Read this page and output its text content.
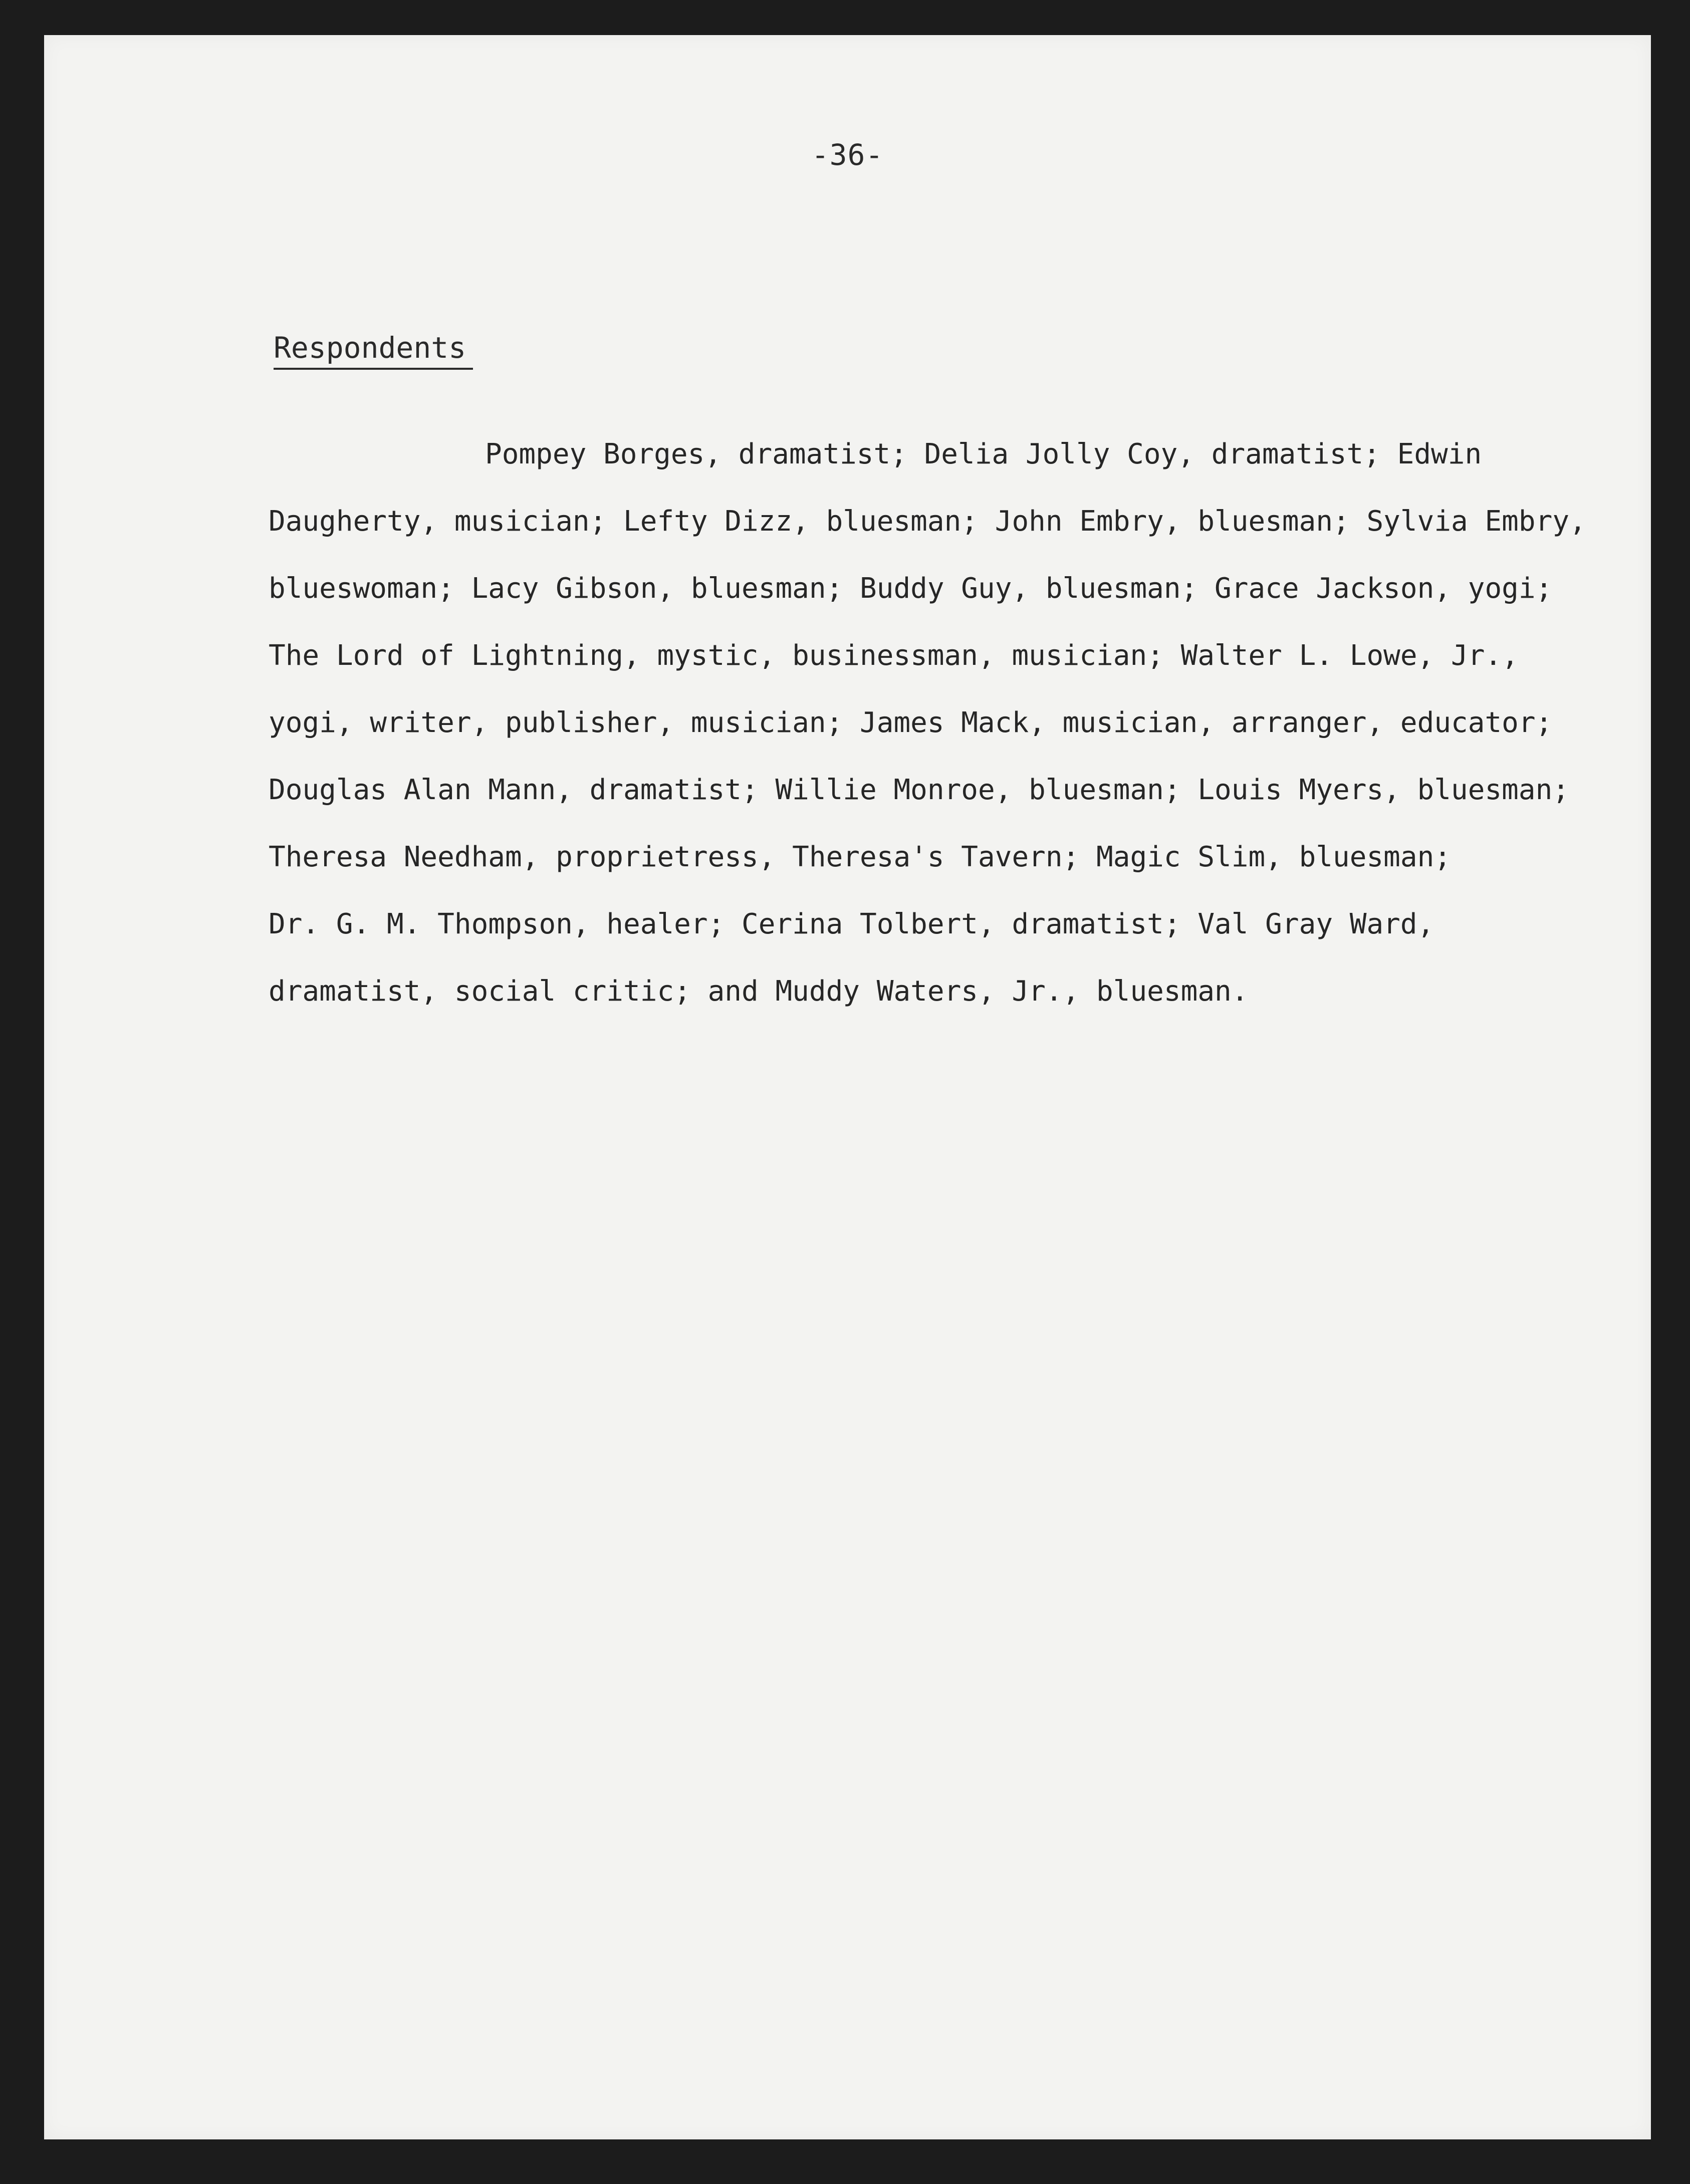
-36-
Respondents
Pompey Borges, dramatist; Delia Jolly Coy, dramatist; Edwin
Daugherty, musician; Lefty Dizz, bluesman; John Embry, bluesman; Sylvia Embry,
blueswoman; Lacy Gibson, bluesman; Buddy Guy, bluesman; Grace Jackson, yogi;
The Lord of Lightning, mystic, businessman, musician; Walter L. Lowe, Jr.,
yogi, writer, publisher, musician; James Mack, musician, arranger, educator;
Douglas Alan Mann, dramatist; Willie Monroe, bluesman; Louis Myers, bluesman;
Theresa Needham, proprietress, Theresa's Tavern; Magic Slim, bluesman;
Dr. G. M. Thompson, healer; Cerina Tolbert, dramatist; Val Gray Ward,
dramatist, social critic; and Muddy Waters, Jr., bluesman.
